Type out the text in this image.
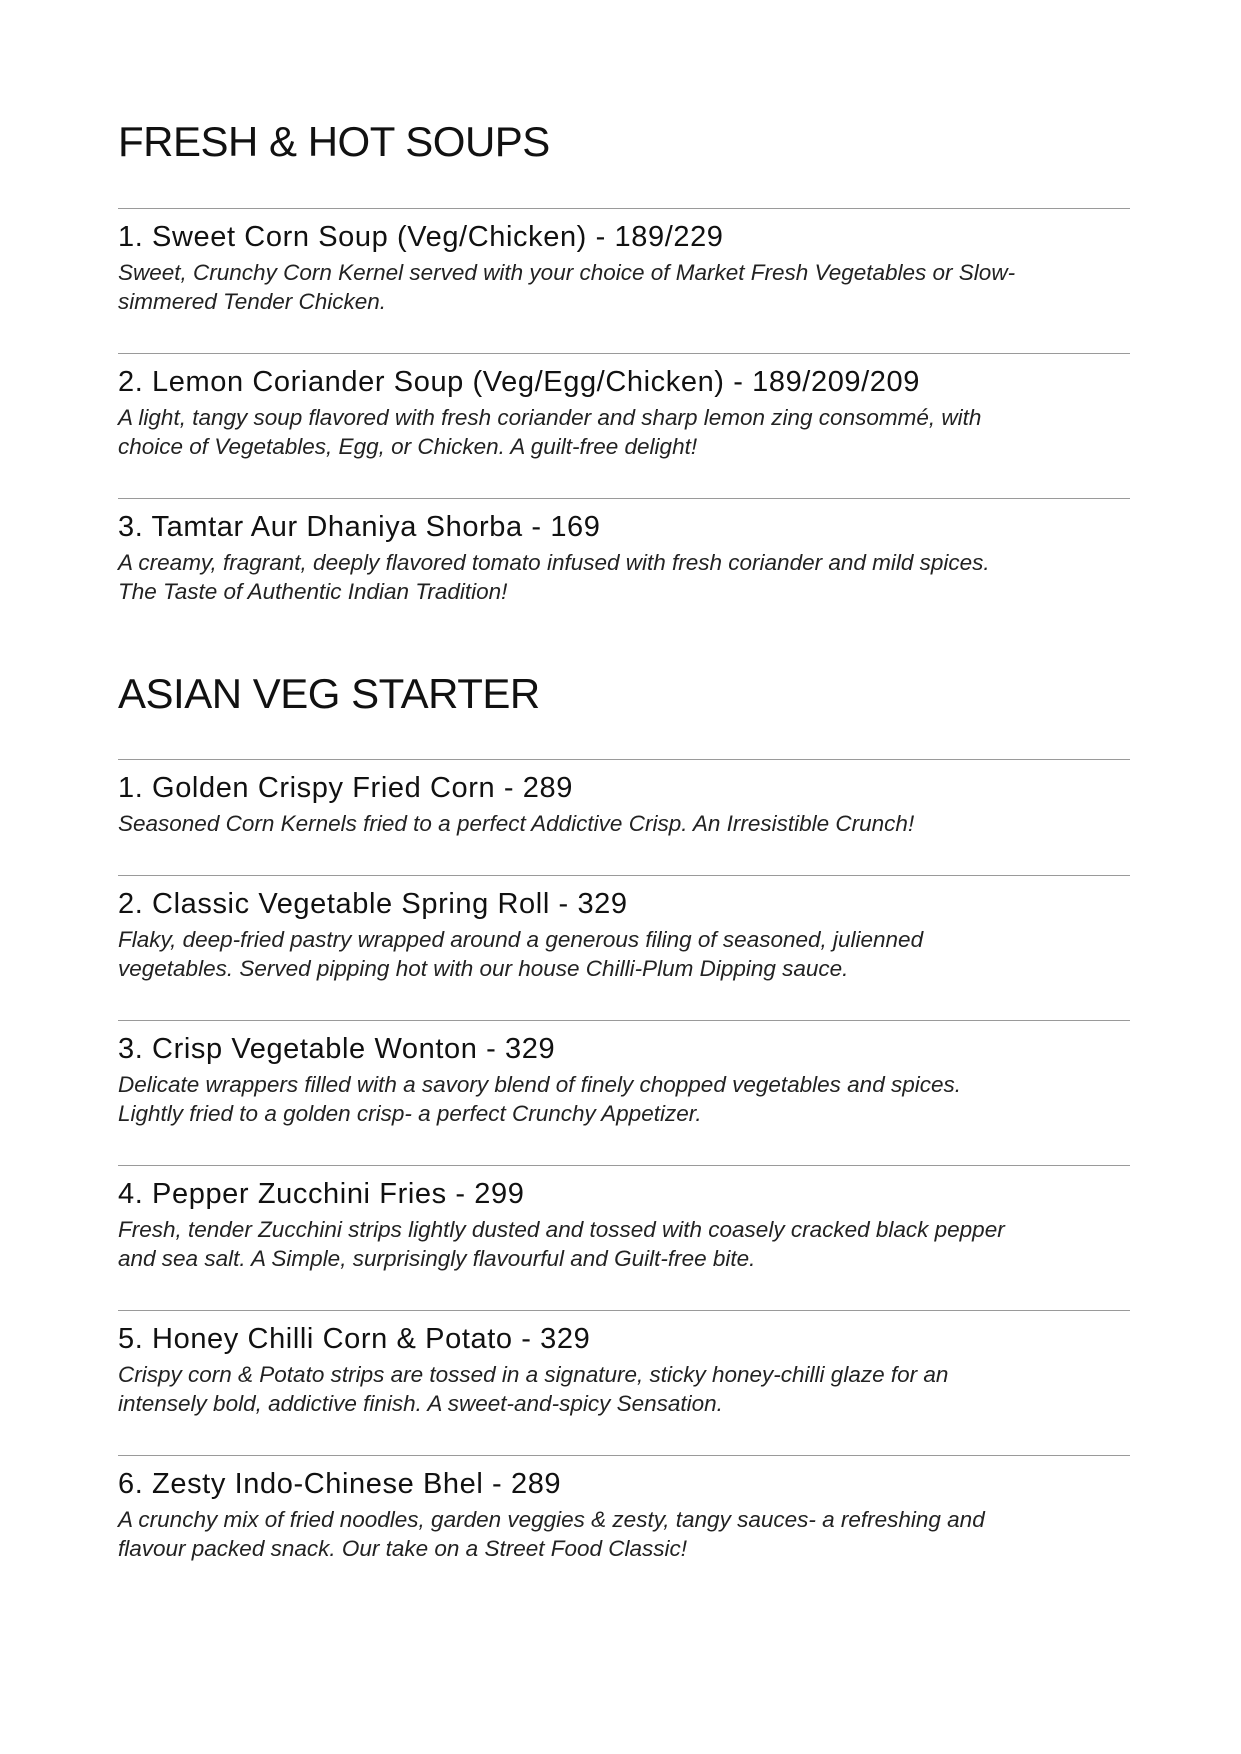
FRESH & HOT SOUPS
1. Sweet Corn Soup (Veg/Chicken) - 189/229
Sweet, Crunchy Corn Kernel served with your choice of Market Fresh Vegetables or Slow-
simmered Tender Chicken.
2. Lemon Coriander Soup (Veg/Egg/Chicken) - 189/209/209
A light, tangy soup flavored with fresh coriander and sharp lemon zing consommé, with
choice of Vegetables, Egg, or Chicken. A guilt-free delight!
3. Tamtar Aur Dhaniya Shorba - 169
A creamy, fragrant, deeply flavored tomato infused with fresh coriander and mild spices.
The Taste of Authentic Indian Tradition!
ASIAN VEG STARTER
1. Golden Crispy Fried Corn - 289
Seasoned Corn Kernels fried to a perfect Addictive Crisp. An Irresistible Crunch!
2. Classic Vegetable Spring Roll - 329
Flaky, deep-fried pastry wrapped around a generous filing of seasoned, julienned
vegetables. Served pipping hot with our house Chilli-Plum Dipping sauce.
3. Crisp Vegetable Wonton - 329
Delicate wrappers filled with a savory blend of finely chopped vegetables and spices.
Lightly fried to a golden crisp- a perfect Crunchy Appetizer.
4. Pepper Zucchini Fries - 299
Fresh, tender Zucchini strips lightly dusted and tossed with coasely cracked black pepper
and sea salt. A Simple, surprisingly flavourful and Guilt-free bite.
5. Honey Chilli Corn & Potato - 329
Crispy corn & Potato strips are tossed in a signature, sticky honey-chilli glaze for an
intensely bold, addictive finish. A sweet-and-spicy Sensation.
6. Zesty Indo-Chinese Bhel - 289
A crunchy mix of fried noodles, garden veggies & zesty, tangy sauces- a refreshing and
flavour packed snack. Our take on a Street Food Classic!
